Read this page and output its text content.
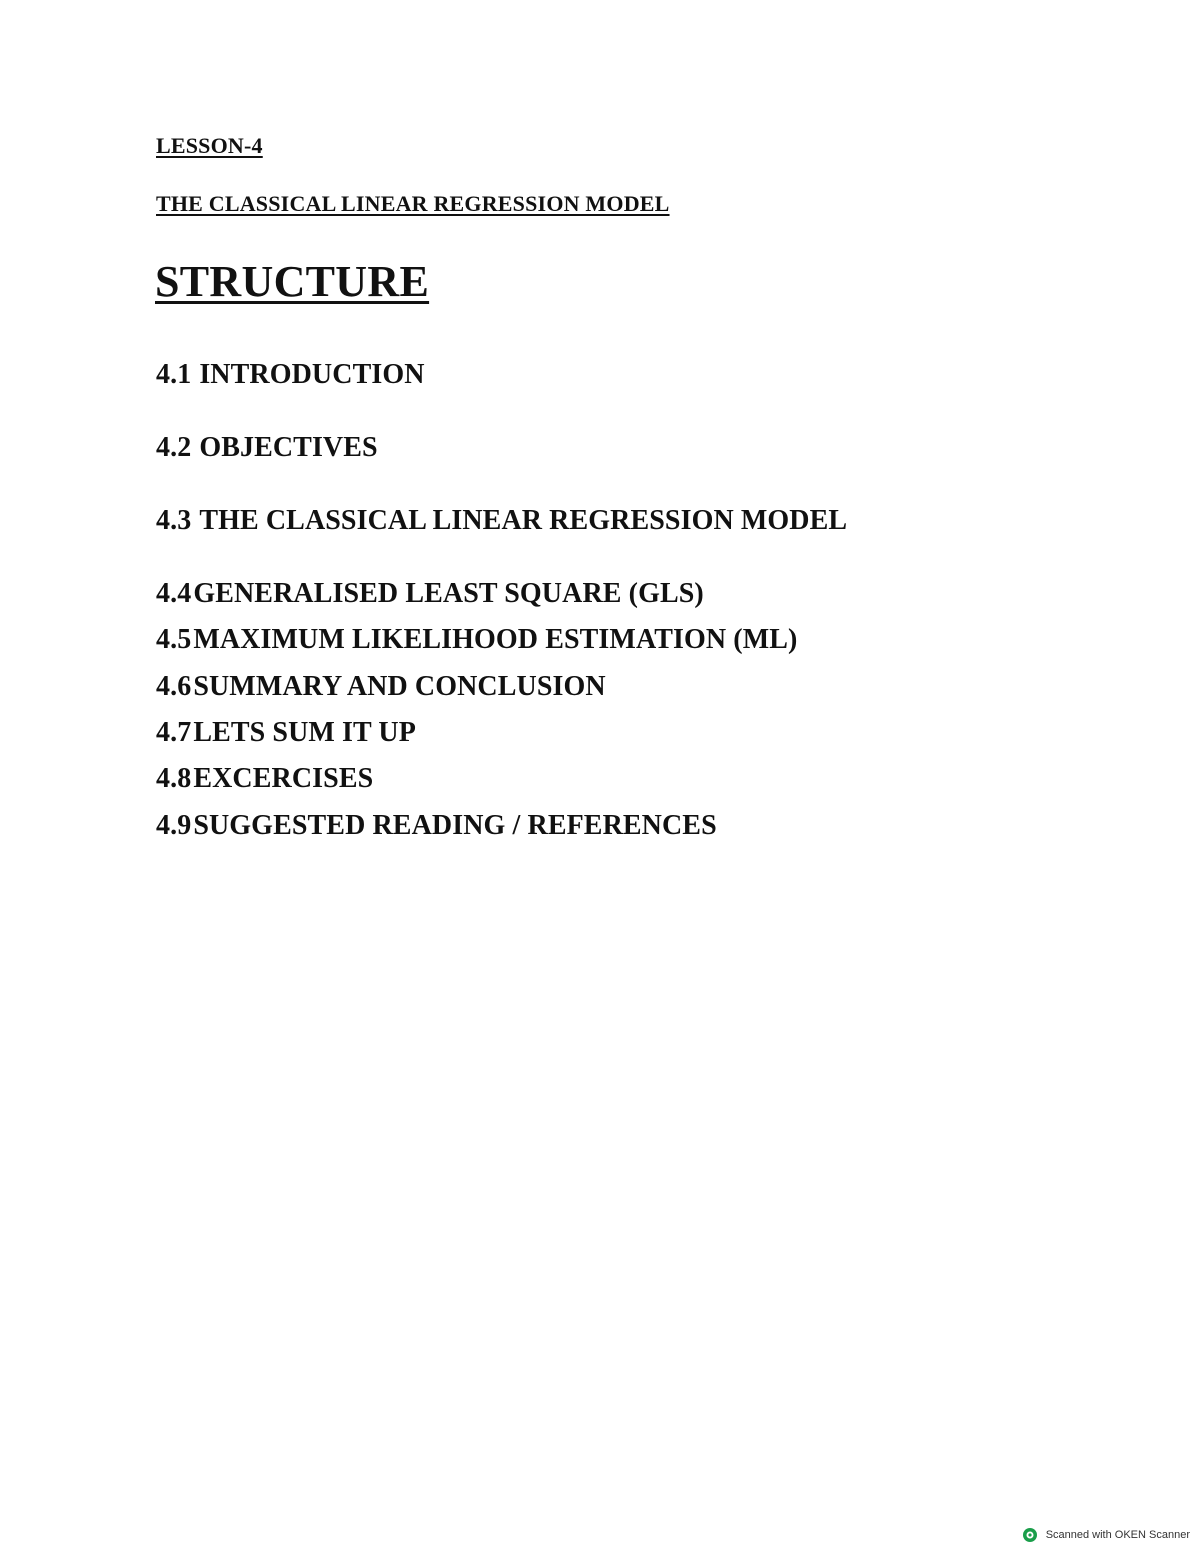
LESSON-4
THE CLASSICAL LINEAR REGRESSION MODEL
STRUCTURE
4.1 INTRODUCTION
4.2 OBJECTIVES
4.3 THE CLASSICAL LINEAR REGRESSION MODEL
4.4GENERALISED LEAST SQUARE (GLS)
4.5MAXIMUM LIKELIHOOD ESTIMATION (ML)
4.6SUMMARY AND CONCLUSION
4.7LETS SUM IT UP
4.8EXCERCISES
4.9SUGGESTED READING / REFERENCES
Scanned with OKEN Scanner
